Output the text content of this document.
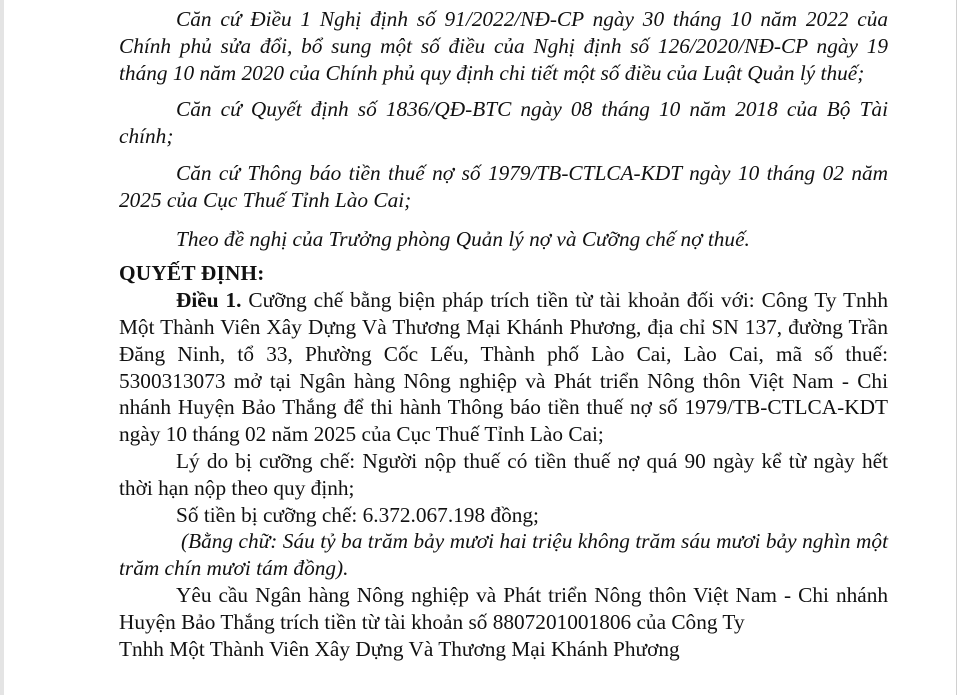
Căn cứ Điều 1 Nghị định số 91/2022/NĐ-CP ngày 30 tháng 10 năm 2022 của Chính phủ sửa đổi, bổ sung một số điều của Nghị định số 126/2020/NĐ-CP ngày 19 tháng 10 năm 2020 của Chính phủ quy định chi tiết một số điều của Luật Quản lý thuế;

Căn cứ Quyết định số 1836/QĐ-BTC ngày 08 tháng 10 năm 2018 của Bộ Tài chính;

Căn cứ Thông báo tiền thuế nợ số 1979/TB-CTLCA-KDT ngày 10 tháng 02 năm 2025 của Cục Thuế Tỉnh Lào Cai;

Theo đề nghị của Trưởng phòng Quản lý nợ và Cưỡng chế nợ thuế.

QUYẾT ĐỊNH:

Điều 1. Cưỡng chế bằng biện pháp trích tiền từ tài khoản đối với: Công Ty Tnhh Một Thành Viên Xây Dựng Và Thương Mại Khánh Phương, địa chỉ SN 137, đường Trần Đăng Ninh, tổ 33, Phường Cốc Lếu, Thành phố Lào Cai, Lào Cai, mã số thuế: 5300313073 mở tại Ngân hàng Nông nghiệp và Phát triển Nông thôn Việt Nam - Chi nhánh Huyện Bảo Thắng để thi hành Thông báo tiền thuế nợ số 1979/TB-CTLCA-KDT ngày 10 tháng 02 năm 2025 của Cục Thuế Tỉnh Lào Cai;

Lý do bị cưỡng chế: Người nộp thuế có tiền thuế nợ quá 90 ngày kể từ ngày hết thời hạn nộp theo quy định;

Số tiền bị cưỡng chế: 6.372.067.198 đồng;

(Bằng chữ: Sáu tỷ ba trăm bảy mươi hai triệu không trăm sáu mươi bảy nghìn một trăm chín mươi tám đồng).

Yêu cầu Ngân hàng Nông nghiệp và Phát triển Nông thôn Việt Nam - Chi nhánh Huyện Bảo Thắng trích tiền từ tài khoản số 8807201001806 của Công Ty

Tnhh Một Thành Viên Xây Dựng Và Thương Mại Khánh Phương
